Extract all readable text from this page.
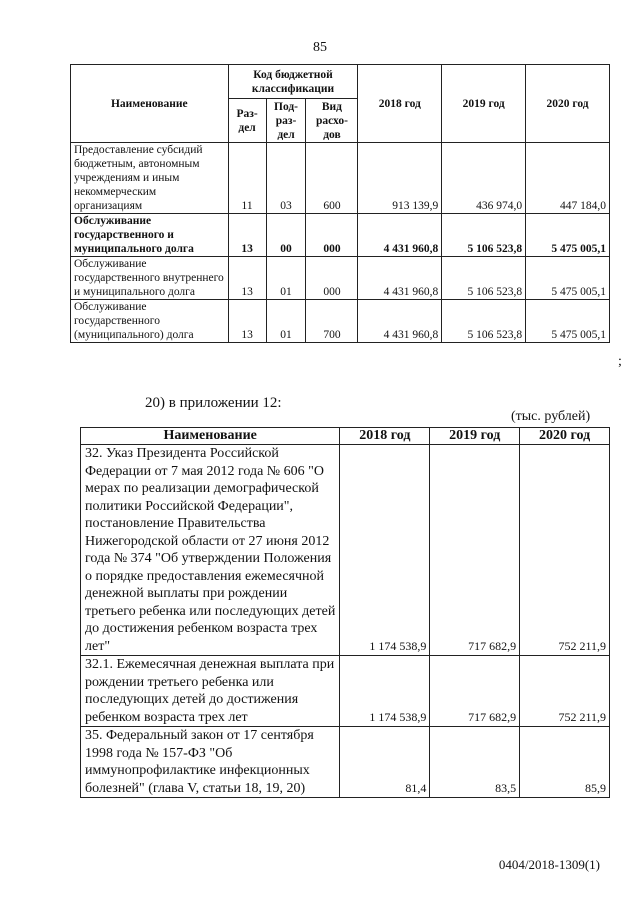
85
Наименование	Код бюджетной классификации			2018 год	2019 год	2020 год
	Раз- дел	Под- раз- дел	Вид расхо- дов			
Предоставление субсидий бюджетным, автономным учреждениям и иным некоммерческим организациям	11	03	600	913 139,9	436 974,0	447 184,0
Обслуживание государственного и муниципального долга	13	00	000	4 431 960,8	5 106 523,8	5 475 005,1
Обслуживание государственного внутреннего и муниципального долга	13	01	000	4 431 960,8	5 106 523,8	5 475 005,1
Обслуживание государственного (муниципального) долга	13	01	700	4 431 960,8	5 106 523,8	5 475 005,1
;
20) в приложении 12:
(тыс. рублей)
Наименование	2018 год	2019 год	2020 год
32. Указ Президента Российской Федерации от 7 мая 2012 года № 606 "О мерах по реализации демографической политики Российской Федерации", постановление Правительства Нижегородской области от 27 июня 2012 года № 374 "Об утверждении Положения о порядке предоставления ежемесячной денежной выплаты при рождении третьего ребенка или последующих детей до достижения ребенком возраста трех лет"	1 174 538,9	717 682,9	752 211,9
32.1. Ежемесячная денежная выплата при рождении третьего ребенка или последующих детей до достижения ребенком возраста трех лет	1 174 538,9	717 682,9	752 211,9
35. Федеральный закон от 17 сентября 1998 года № 157-ФЗ "Об иммунопрофилактике инфекционных болезней" (глава V, статьи 18, 19, 20)	81,4	83,5	85,9
0404/2018-1309(1)
